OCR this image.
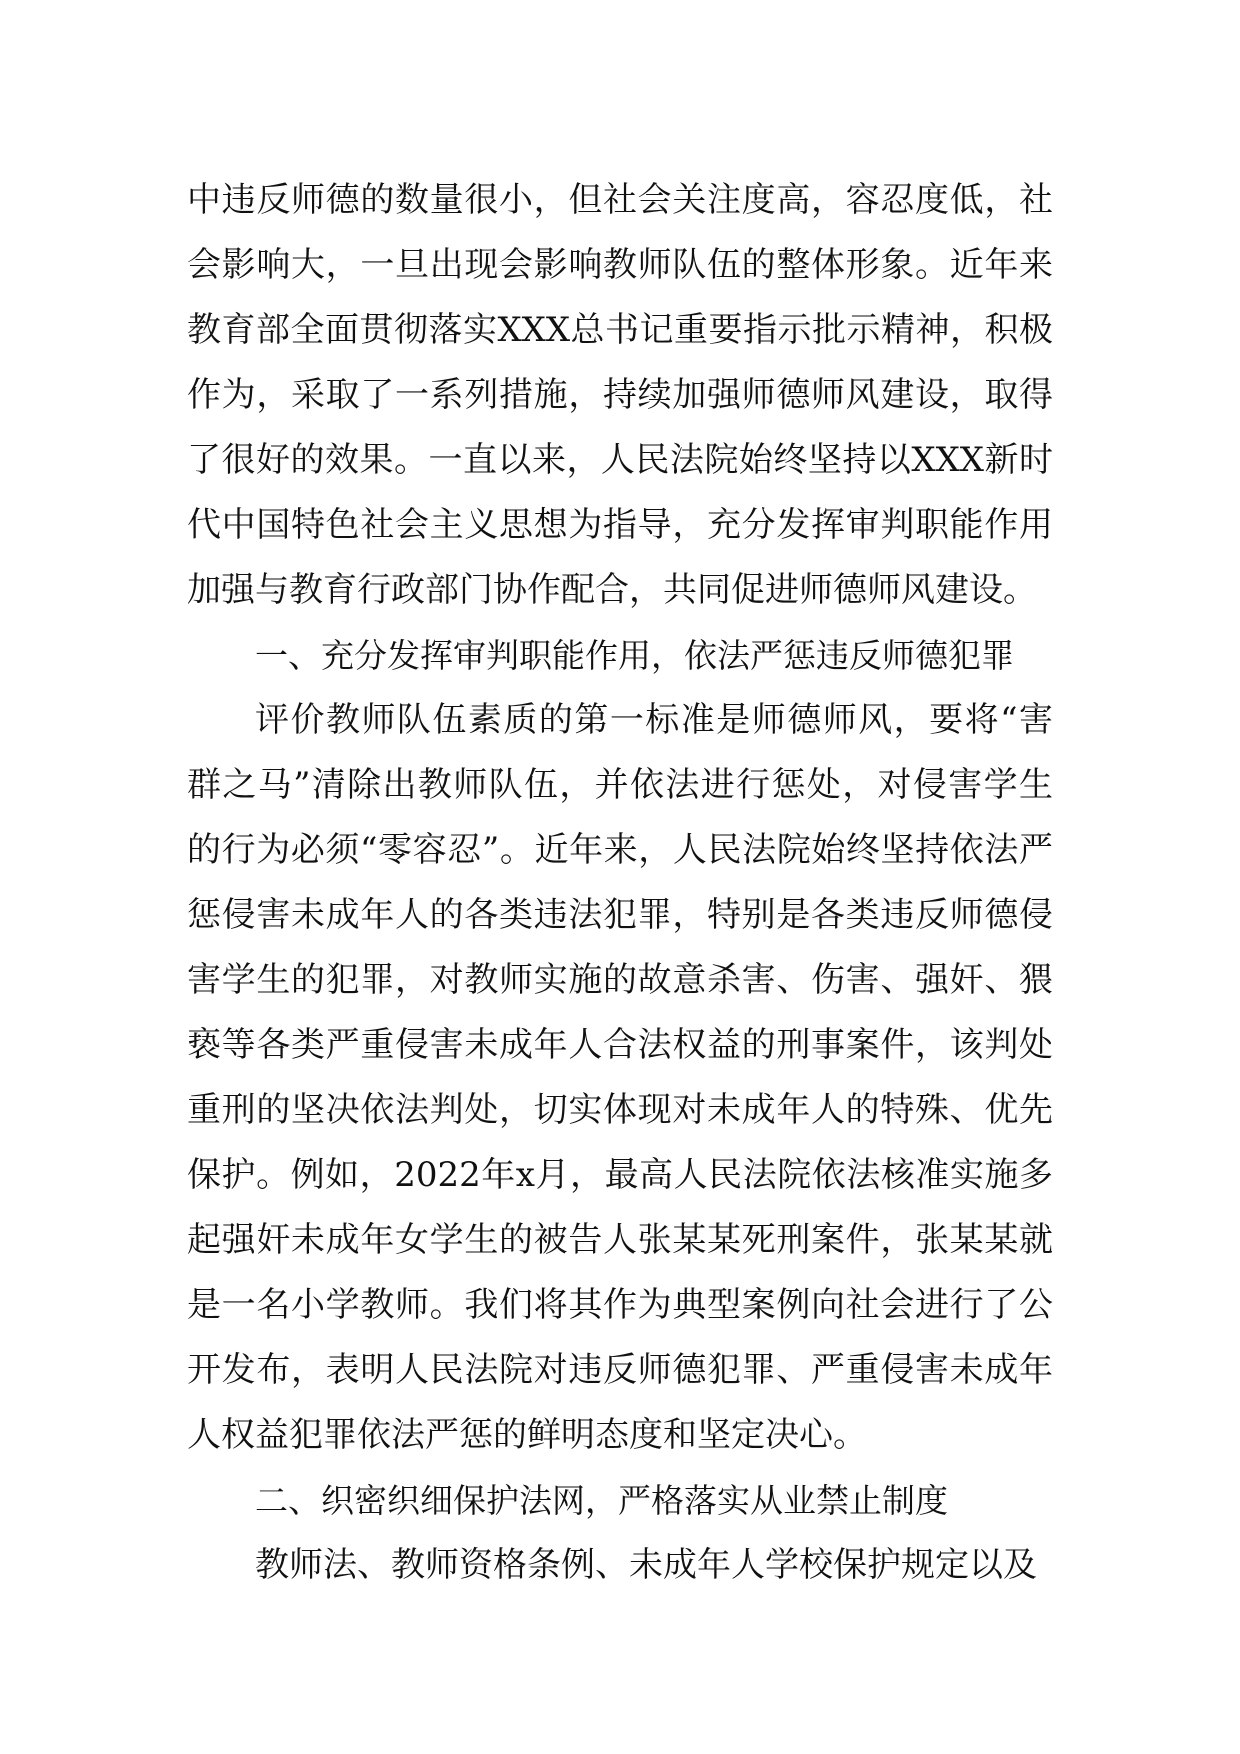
中违反师德的数量很小，但社会关注度高，容忍度低，社会影响大，一旦出现会影响教师队伍的整体形象。近年来教育部全面贯彻落实XXX总书记重要指示批示精神，积极作为，采取了一系列措施，持续加强师德师风建设，取得了很好的效果。一直以来，人民法院始终坚持以XXX新时代中国特色社会主义思想为指导，充分发挥审判职能作用加强与教育行政部门协作配合，共同促进师德师风建设。

一、充分发挥审判职能作用，依法严惩违反师德犯罪

评价教师队伍素质的第一标准是师德师风，要将“害群之马”清除出教师队伍，并依法进行惩处，对侵害学生的行为必须“零容忍”。近年来，人民法院始终坚持依法严惩侵害未成年人的各类违法犯罪，特别是各类违反师德侵害学生的犯罪，对教师实施的故意杀害、伤害、强奸、猥亵等各类严重侵害未成年人合法权益的刑事案件，该判处重刑的坚决依法判处，切实体现对未成年人的特殊、优先保护。例如，2022年x月，最高人民法院依法核准实施多起强奸未成年女学生的被告人张某某死刑案件，张某某就是一名小学教师。我们将其作为典型案例向社会进行了公开发布，表明人民法院对违反师德犯罪、严重侵害未成年人权益犯罪依法严惩的鲜明态度和坚定决心。

二、织密织细保护法网，严格落实从业禁止制度

教师法、教师资格条例、未成年人学校保护规定以及
